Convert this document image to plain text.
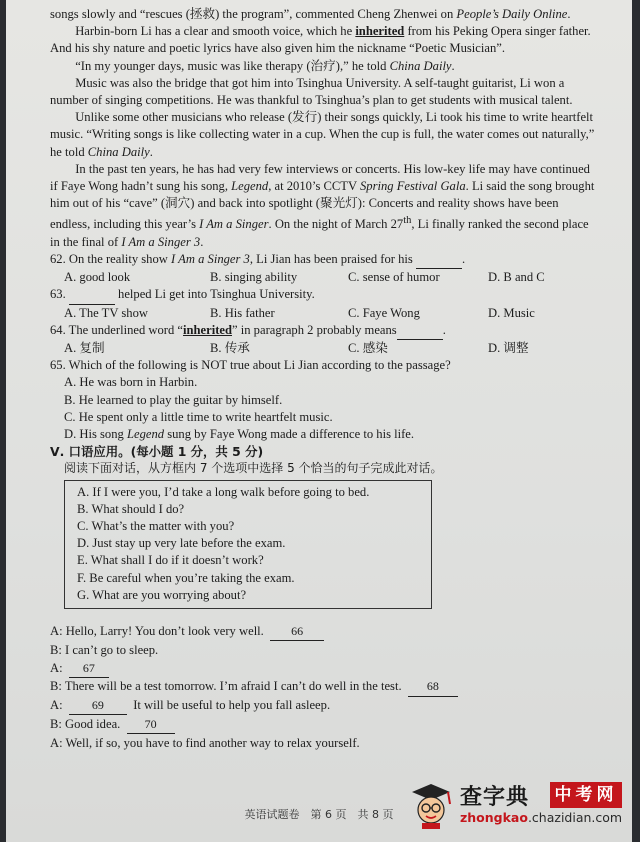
songs slowly and “rescues (拯救) the program”, commented Cheng Zhenwei on People’s Daily Online.

Harbin-born Li has a clear and smooth voice, which he inherited from his Peking Opera singer father. And his shy nature and poetic lyrics have also given him the nickname “Poetic Musician”.

“In my younger days, music was like therapy (治疗),” he told China Daily.

Music was also the bridge that got him into Tsinghua University. A self-taught guitarist, Li won a number of singing competitions. He was thankful to Tsinghua’s plan to get students with musical talent.

Unlike some other musicians who release (发行) their songs quickly, Li took his time to write heartfelt music. “Writing songs is like collecting water in a cup. When the cup is full, the water comes out naturally,” he told China Daily.

In the past ten years, he has had very few interviews or concerts. His low-key life may have continued if Faye Wong hadn’t sung his song, Legend, at 2010’s CCTV Spring Festival Gala. Li said the song brought him out of his “cave” (洞穴) and back into spotlight (聚光灯): Concerts and reality shows have been endless, including this year’s I Am a Singer. On the night of March 27th, Li finally ranked the second place in the final of I Am a Singer 3.

62. On the reality show I Am a Singer 3, Li Jian has been praised for his	.

A. good look	B. singing ability	C. sense of humor	D. B and C

63.	helped Li get into Tsinghua University.

A. The TV show	B. His father	C. Faye Wong	D. Music

64. The underlined word “inherited” in paragraph 2 probably means	.

A. 复制	B. 传承	C. 感染	D. 调整

65. Which of the following is NOT true about Li Jian according to the passage?

A. He was born in Harbin.

B. He learned to play the guitar by himself.

C. He spent only a little time to write heartfelt music.

D. His song Legend sung by Faye Wong made a difference to his life.

Ⅴ. 口语应用。(每小题 1 分，共 5 分)

阅读下面对话，从方框内 7 个选项中选择 5 个恰当的句子完成此对话。

A. If I were you, I’d take a long walk before going to bed.

B. What should I do?

C. What’s the matter with you?

D. Just stay up very late before the exam.

E. What shall I do if it doesn’t work?

F. Be careful when you’re taking the exam.

G. What are you worrying about?

A: Hello, Larry! You don’t look very well. 66

B: I can’t go to sleep.

A: 67

B: There will be a test tomorrow. I’m afraid I can’t do well in the test. 68

A: 69 It will be useful to help you fall asleep.

B: Good idea. 70

A: Well, if so, you have to find another way to relax yourself.

英语试题卷　第 6 页　共 8 页
查字典 中考网
zhongkao.chazidian.com
